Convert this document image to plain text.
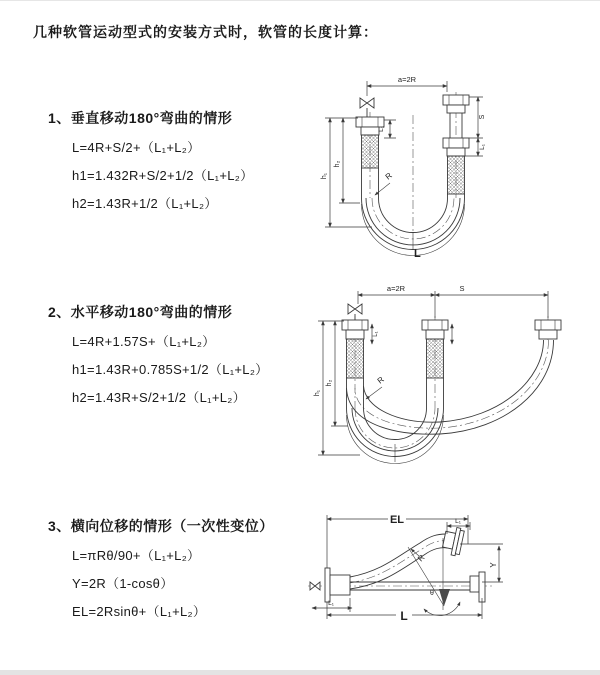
几种软管运动型式的安装方式时，软管的长度计算：
1、垂直移动180°弯曲的情形
L=4R+S/2+（L₁+L₂）
h1=1.432R+S/2+1/2（L₁+L₂）
h2=1.43R+1/2（L₁+L₂）
2、水平移动180°弯曲的情形
L=4R+1.57S+（L₁+L₂）
h1=1.43R+0.785S+1/2（L₁+L₂）
h2=1.43R+S/2+1/2（L₁+L₂）
3、横向位移的情形（一次性变位）
L=πRθ/90+（L₁+L₂）
Y=2R（1-cosθ）
EL=2Rsinθ+（L₁+L₂）
a=2R
h₁
h₂
L₁
S
L₁
R
L
a=2R	S
h₁
h₂
L₁
R
θ
EL	L₁
Y
R
L₁
L
